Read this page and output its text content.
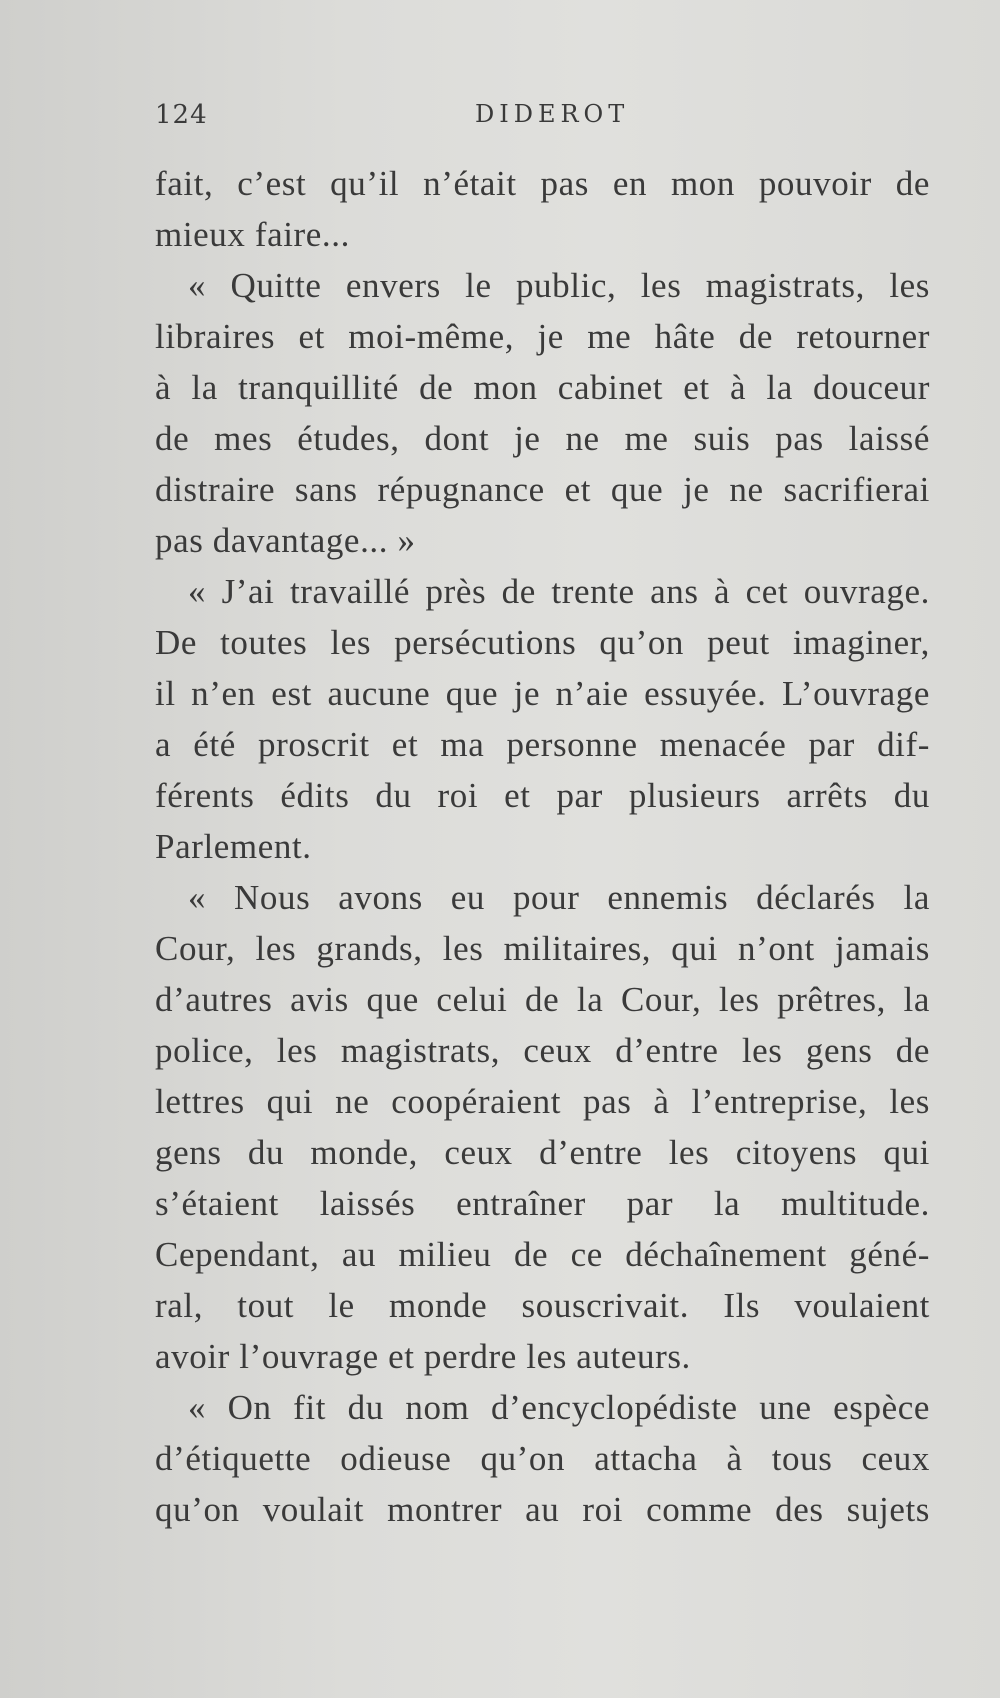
124	DIDEROT
fait, c’est qu’il n’était pas en mon pouvoir de
mieux faire...
« Quitte envers le public, les magistrats, les
libraires et moi-même, je me hâte de retourner
à la tranquillité de mon cabinet et à la douceur
de mes études, dont je ne me suis pas laissé
distraire sans répugnance et que je ne sacrifierai
pas davantage... »
« J’ai travaillé près de trente ans à cet ouvrage.
De toutes les persécutions qu’on peut imaginer,
il n’en est aucune que je n’aie essuyée. L’ouvrage
a été proscrit et ma personne menacée par dif-
férents édits du roi et par plusieurs arrêts du
Parlement.
« Nous avons eu pour ennemis déclarés la
Cour, les grands, les militaires, qui n’ont jamais
d’autres avis que celui de la Cour, les prêtres, la
police, les magistrats, ceux d’entre les gens de
lettres qui ne coopéraient pas à l’entreprise, les
gens du monde, ceux d’entre les citoyens qui
s’étaient laissés entraîner par la multitude.
Cependant, au milieu de ce déchaînement géné-
ral, tout le monde souscrivait. Ils voulaient
avoir l’ouvrage et perdre les auteurs.
« On fit du nom d’encyclopédiste une espèce
d’étiquette odieuse qu’on attacha à tous ceux
qu’on voulait montrer au roi comme des sujets
